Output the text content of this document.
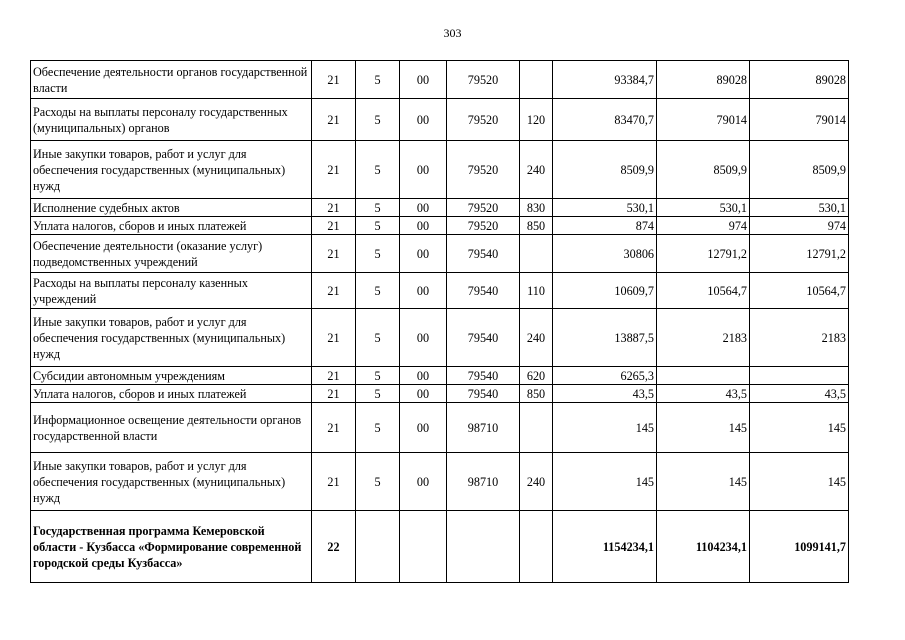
303
Обеспечение деятельности органов государственной власти	21	5	00	79520		93384,7	89028	89028
Расходы на выплаты персоналу государственных (муниципальных) органов	21	5	00	79520	120	83470,7	79014	79014
Иные закупки товаров, работ и услуг для обеспечения государственных (муниципальных) нужд	21	5	00	79520	240	8509,9	8509,9	8509,9
Исполнение судебных актов	21	5	00	79520	830	530,1	530,1	530,1
Уплата налогов, сборов и иных платежей	21	5	00	79520	850	874	974	974
Обеспечение деятельности (оказание услуг) подведомственных учреждений	21	5	00	79540		30806	12791,2	12791,2
Расходы на выплаты персоналу казенных учреждений	21	5	00	79540	110	10609,7	10564,7	10564,7
Иные закупки товаров, работ и услуг для обеспечения государственных (муниципальных) нужд	21	5	00	79540	240	13887,5	2183	2183
Субсидии автономным учреждениям	21	5	00	79540	620	6265,3		
Уплата налогов, сборов и иных платежей	21	5	00	79540	850	43,5	43,5	43,5
Информационное освещение деятельности органов государственной власти	21	5	00	98710		145	145	145
Иные закупки товаров, работ и услуг для обеспечения государственных (муниципальных) нужд	21	5	00	98710	240	145	145	145
Государственная программа Кемеровской области - Кузбасса «Формирование современной городской среды Кузбасса»	22					1154234,1	1104234,1	1099141,7
